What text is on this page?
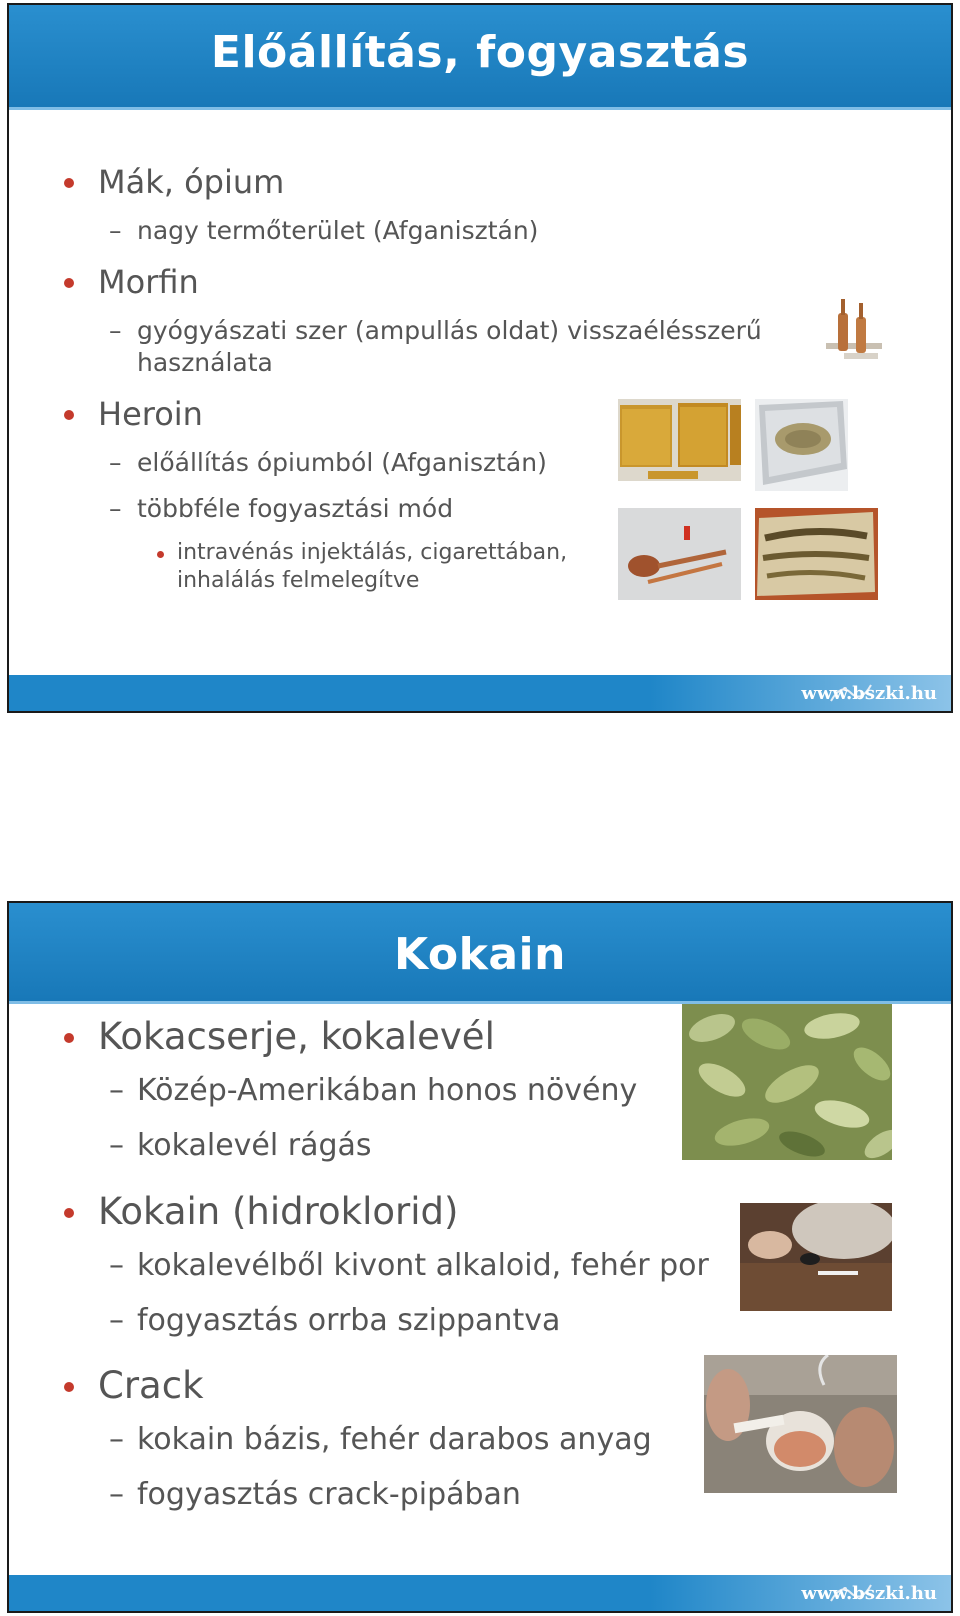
Előállítás, fogyasztás
Mák, ópium
– nagy termőterület (Afganisztán)
Morfin
– gyógyászati szer (ampullás oldat) visszaélésszerű
használata
Heroin
– előállítás ópiumból (Afganisztán)
– többféle fogyasztási mód
intravénás injektálás, cigarettában,
inhalálás felmelegítve
www.bszki.hu
Kokain
Kokacserje, kokalevél
– Közép-Amerikában honos növény
– kokalevél rágás
Kokain (hidroklorid)
– kokalevélből kivont alkaloid, fehér por
– fogyasztás orrba szippantva
Crack
– kokain bázis, fehér darabos anyag
– fogyasztás crack-pipában
www.bszki.hu
